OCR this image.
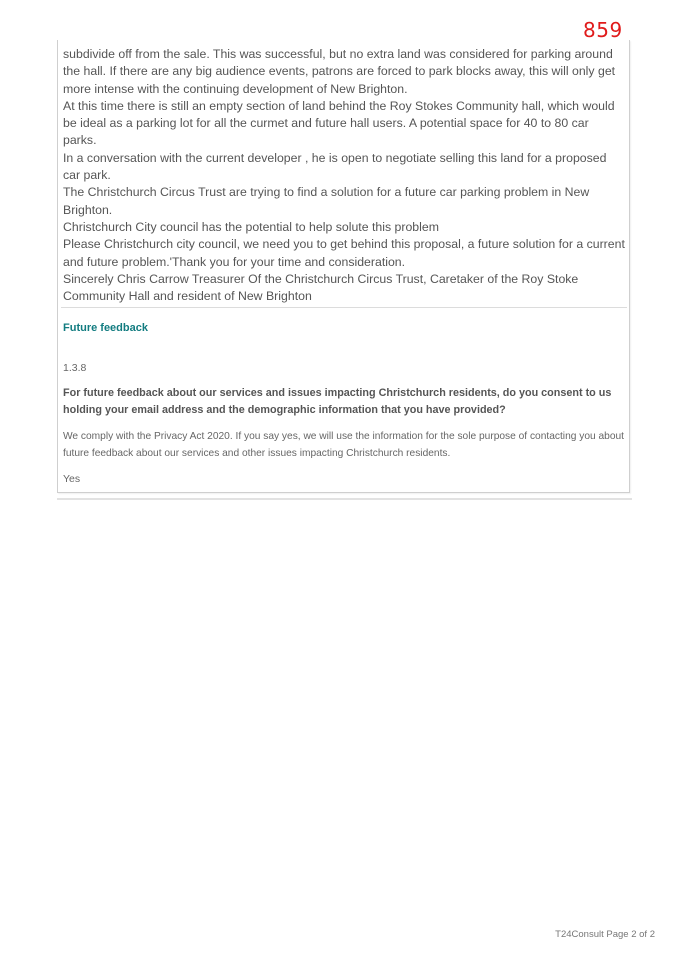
859

subdivide off from the sale. This was successful, but no extra land was considered for parking around the hall. If there are any big audience events, patrons are forced to park blocks away, this will only get more intense with the continuing development of New Brighton.

At this time there is still an empty section of land behind the Roy Stokes Community hall, which would be ideal as a parking lot for all the curmet and future hall users. A potential space for 40 to 80 car parks.

In a conversation with the current developer , he is open to negotiate selling this land for a proposed car park.

The Christchurch Circus Trust are trying to find a solution for a future car parking problem in New Brighton.

Christchurch City council has the potential to help solute this problem

Please Christchurch city council, we need you to get behind this proposal, a future solution for a current and future problem.'Thank you for your time and consideration.

Sincerely Chris Carrow Treasurer Of the Christchurch Circus Trust, Caretaker of the Roy Stoke Community Hall and resident of New Brighton

Future feedback
1.3.8
For future feedback about our services and issues impacting Christchurch residents, do you consent to us holding your email address and the demographic information that you have provided?
We comply with the Privacy Act 2020. If you say yes, we will use the information for the sole purpose of contacting you about future feedback about our services and other issues impacting Christchurch residents.
Yes
T24Consult Page 2 of 2
